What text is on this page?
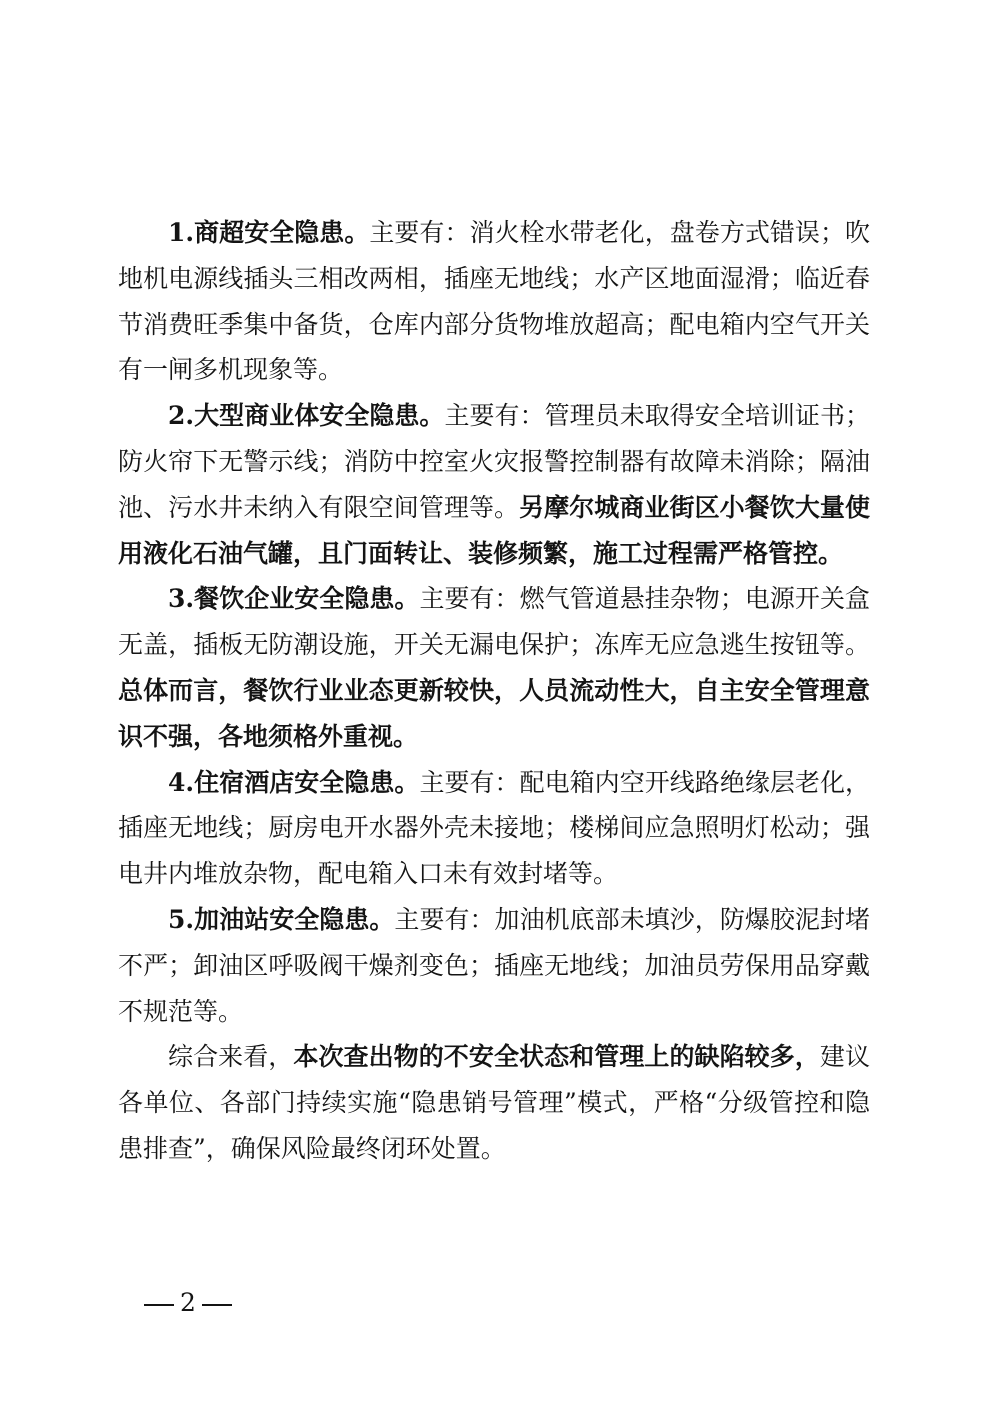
1.商超安全隐患。主要有：消火栓水带老化，盘卷方式错误；吹地机电源线插头三相改两相，插座无地线；水产区地面湿滑；临近春节消费旺季集中备货，仓库内部分货物堆放超高；配电箱内空气开关有一闸多机现象等。

2.大型商业体安全隐患。主要有：管理员未取得安全培训证书；防火帘下无警示线；消防中控室火灾报警控制器有故障未消除；隔油池、污水井未纳入有限空间管理等。另摩尔城商业街区小餐饮大量使用液化石油气罐，且门面转让、装修频繁，施工过程需严格管控。

3.餐饮企业安全隐患。主要有：燃气管道悬挂杂物；电源开关盒无盖，插板无防潮设施，开关无漏电保护；冻库无应急逃生按钮等。总体而言，餐饮行业业态更新较快，人员流动性大，自主安全管理意识不强，各地须格外重视。

4.住宿酒店安全隐患。主要有：配电箱内空开线路绝缘层老化，插座无地线；厨房电开水器外壳未接地；楼梯间应急照明灯松动；强电井内堆放杂物，配电箱入口未有效封堵等。

5.加油站安全隐患。主要有：加油机底部未填沙，防爆胶泥封堵不严；卸油区呼吸阀干燥剂变色；插座无地线；加油员劳保用品穿戴不规范等。

综合来看，本次查出物的不安全状态和管理上的缺陷较多，建议各单位、各部门持续实施“隐患销号管理”模式，严格“分级管控和隐患排查”，确保风险最终闭环处置。

2
